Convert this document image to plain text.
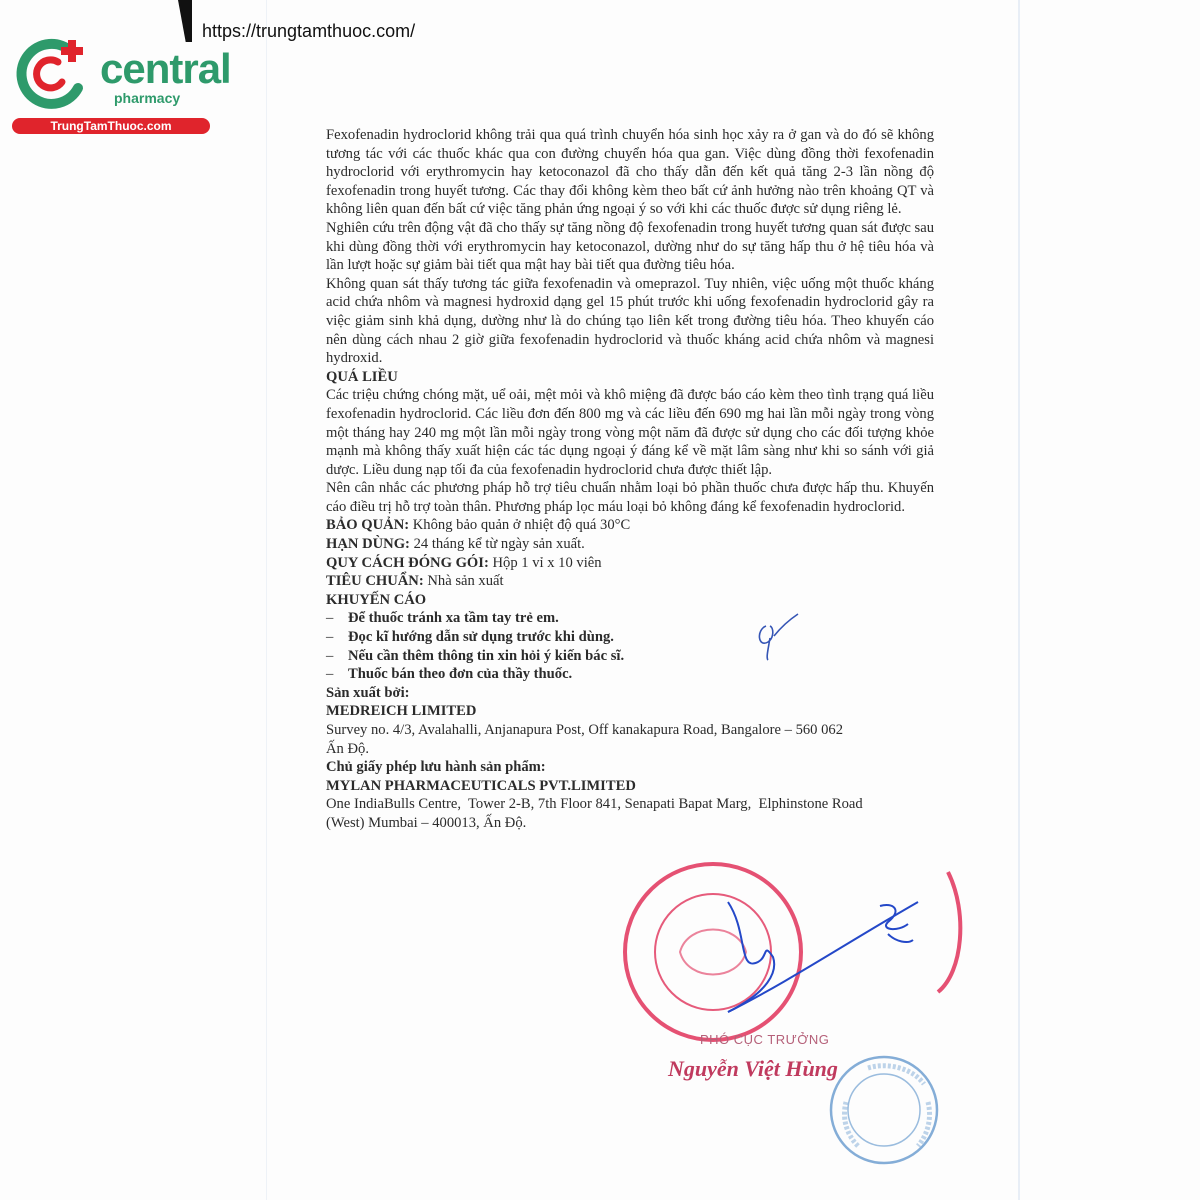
https://trungtamthuoc.com/
central
pharmacy
TrungTamThuoc.com

Fexofenadin hydroclorid không trải qua quá trình chuyển hóa sinh học xảy ra ở gan và do đó sẽ không tương tác với các thuốc khác qua con đường chuyển hóa qua gan. Việc dùng đồng thời fexofenadin hydroclorid với erythromycin hay ketoconazol đã cho thấy dẫn đến kết quả tăng 2-3 lần nồng độ fexofenadin trong huyết tương. Các thay đổi không kèm theo bất cứ ảnh hưởng nào trên khoảng QT và không liên quan đến bất cứ việc tăng phản ứng ngoại ý so với khi các thuốc được sử dụng riêng lẻ.

Nghiên cứu trên động vật đã cho thấy sự tăng nồng độ fexofenadin trong huyết tương quan sát được sau khi dùng đồng thời với erythromycin hay ketoconazol, dường như do sự tăng hấp thu ở hệ tiêu hóa và lần lượt hoặc sự giảm bài tiết qua mật hay bài tiết qua đường tiêu hóa.

Không quan sát thấy tương tác giữa fexofenadin và omeprazol. Tuy nhiên, việc uống một thuốc kháng acid chứa nhôm và magnesi hydroxid dạng gel 15 phút trước khi uống fexofenadin hydroclorid gây ra việc giảm sinh khả dụng, dường như là do chúng tạo liên kết trong đường tiêu hóa. Theo khuyến cáo nên dùng cách nhau 2 giờ giữa fexofenadin hydroclorid và thuốc kháng acid chứa nhôm và magnesi hydroxid.

QUÁ LIỀU

Các triệu chứng chóng mặt, uể oải, mệt mỏi và khô miệng đã được báo cáo kèm theo tình trạng quá liều fexofenadin hydroclorid. Các liều đơn đến 800 mg và các liều đến 690 mg hai lần mỗi ngày trong vòng một tháng hay 240 mg một lần mỗi ngày trong vòng một năm đã được sử dụng cho các đối tượng khỏe mạnh mà không thấy xuất hiện các tác dụng ngoại ý đáng kể về mặt lâm sàng như khi so sánh với giả dược. Liều dung nạp tối đa của fexofenadin hydroclorid chưa được thiết lập.

Nên cân nhắc các phương pháp hỗ trợ tiêu chuẩn nhằm loại bỏ phần thuốc chưa được hấp thu. Khuyến cáo điều trị hỗ trợ toàn thân. Phương pháp lọc máu loại bỏ không đáng kể fexofenadin hydroclorid.

BẢO QUẢN: Không bảo quản ở nhiệt độ quá 30°C

HẠN DÙNG: 24 tháng kể từ ngày sản xuất.

QUY CÁCH ĐÓNG GÓI: Hộp 1 vỉ x 10 viên

TIÊU CHUẨN: Nhà sản xuất

KHUYẾN CÁO

– Để thuốc tránh xa tầm tay trẻ em.

– Đọc kĩ hướng dẫn sử dụng trước khi dùng.

– Nếu cần thêm thông tin xin hỏi ý kiến bác sĩ.

– Thuốc bán theo đơn của thầy thuốc.

Sản xuất bởi:

MEDREICH LIMITED

Survey no. 4/3, Avalahalli, Anjanapura Post, Off kanakapura Road, Bangalore – 560 062

Ấn Độ.

Chủ giấy phép lưu hành sản phẩm:

MYLAN PHARMACEUTICALS PVT.LIMITED

One IndiaBulls Centre,  Tower 2-B, 7th Floor 841, Senapati Bapat Marg,  Elphinstone Road

(West) Mumbai – 400013, Ấn Độ.

PHÓ CỤC TRƯỞNG
Nguyễn Việt Hùng
